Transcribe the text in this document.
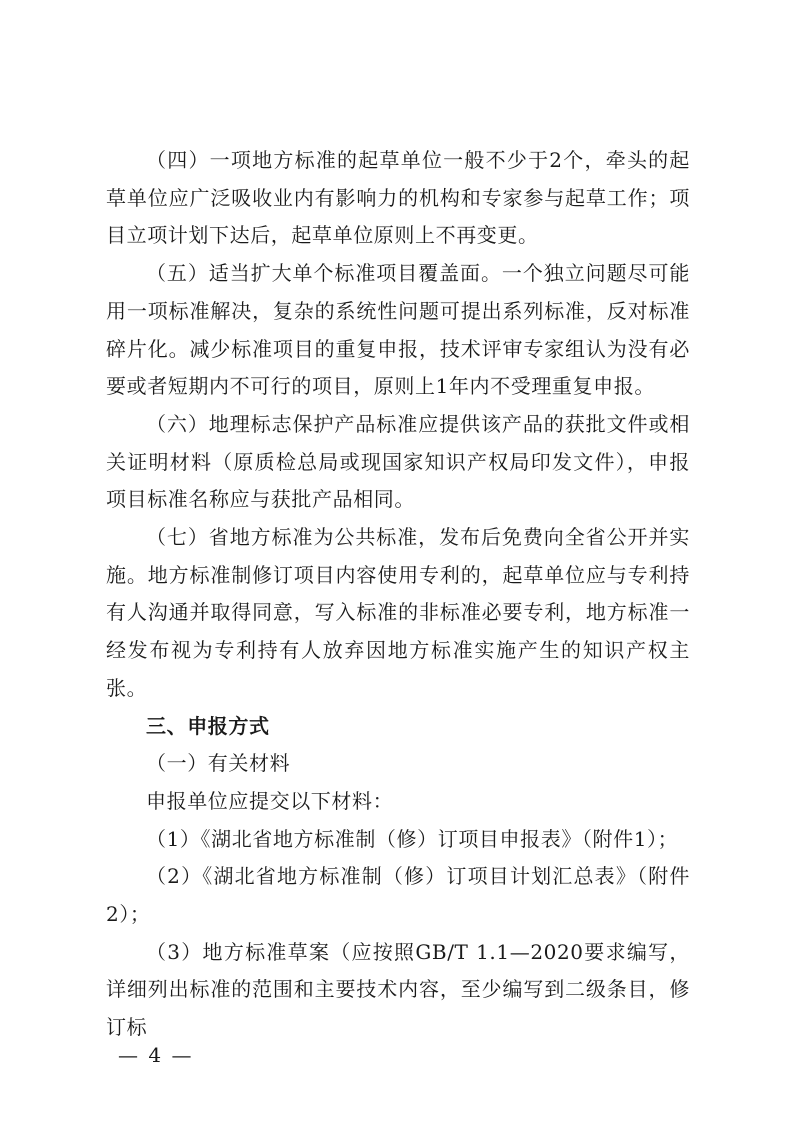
（四）一项地方标准的起草单位一般不少于2个，牵头的起草单位应广泛吸收业内有影响力的机构和专家参与起草工作；项目立项计划下达后，起草单位原则上不再变更。

（五）适当扩大单个标准项目覆盖面。一个独立问题尽可能用一项标准解决，复杂的系统性问题可提出系列标准，反对标准碎片化。减少标准项目的重复申报，技术评审专家组认为没有必要或者短期内不可行的项目，原则上1年内不受理重复申报。

（六）地理标志保护产品标准应提供该产品的获批文件或相关证明材料（原质检总局或现国家知识产权局印发文件），申报项目标准名称应与获批产品相同。

（七）省地方标准为公共标准，发布后免费向全省公开并实施。地方标准制修订项目内容使用专利的，起草单位应与专利持有人沟通并取得同意，写入标准的非标准必要专利，地方标准一经发布视为专利持有人放弃因地方标准实施产生的知识产权主张。

三、申报方式

（一）有关材料

申报单位应提交以下材料：

（1）《湖北省地方标准制（修）订项目申报表》（附件1）；

（2）《湖北省地方标准制（修）订项目计划汇总表》（附件2）；

（3）地方标准草案（应按照GB/T 1.1—2020要求编写，详细列出标准的范围和主要技术内容，至少编写到二级条目，修订标

— 4 —
